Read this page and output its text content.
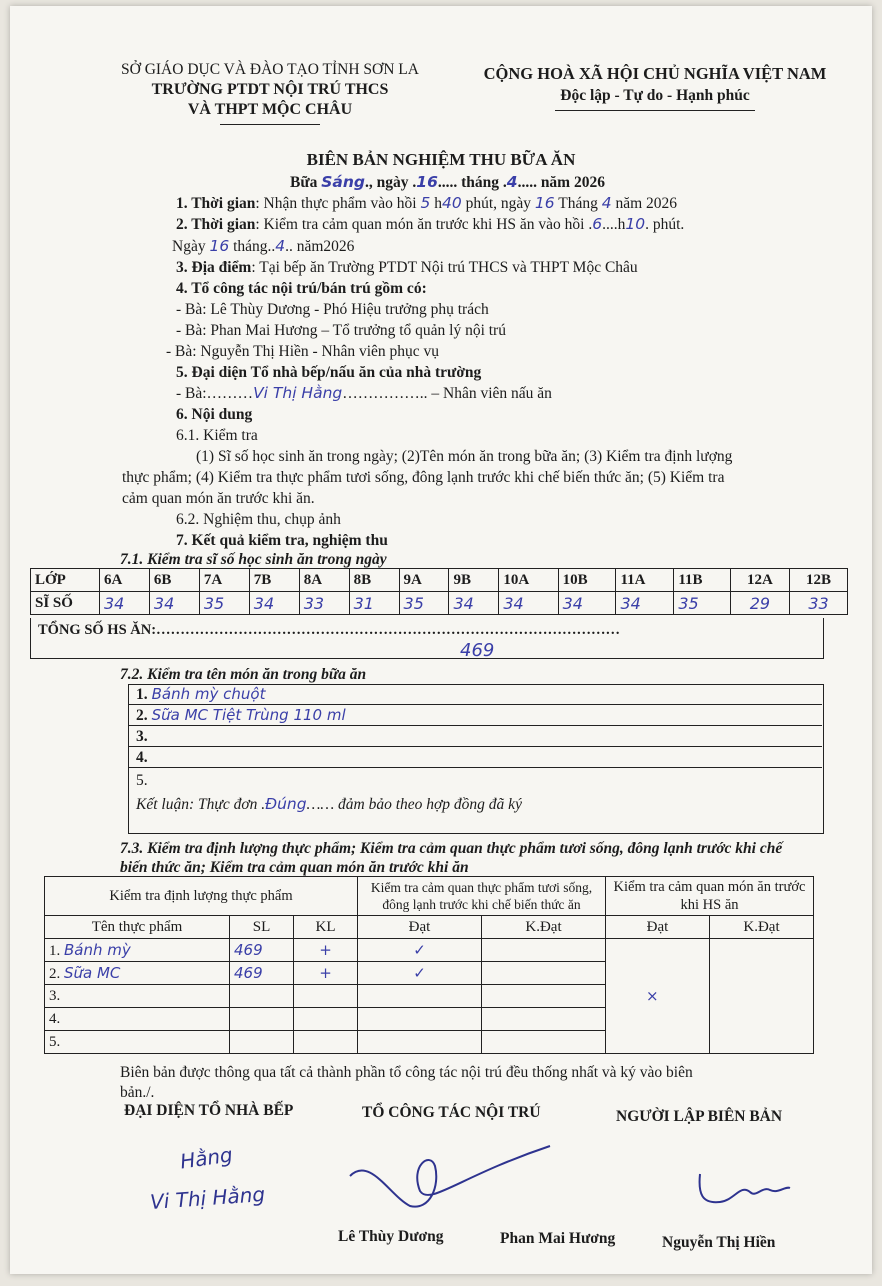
SỞ GIÁO DỤC VÀ ĐÀO TẠO TỈNH SƠN LA
TRƯỜNG PTDT NỘI TRÚ THCS
VÀ THPT MỘC CHÂU
CỘNG HOÀ XÃ HỘI CHỦ NGHĨA VIỆT NAM
Độc lập - Tự do - Hạnh phúc
BIÊN BẢN NGHIỆM THU BỮA ĂN
Bữa Sáng., ngày .16..... tháng .4..... năm 2026
1. Thời gian: Nhận thực phẩm vào hồi 5 h40 phút, ngày 16 Tháng 4 năm 2026
2. Thời gian: Kiểm tra cảm quan món ăn trước khi HS ăn vào hồi .6....h10. phút.
Ngày 16 tháng..4.. năm2026
3. Địa điểm: Tại bếp ăn Trường PTDT Nội trú THCS và THPT Mộc Châu
4. Tổ công tác nội trú/bán trú gồm có:
- Bà: Lê Thùy Dương - Phó Hiệu trưởng phụ trách
- Bà: Phan Mai Hương – Tổ trưởng tổ quản lý nội trú
- Bà: Nguyễn Thị Hiền - Nhân viên phục vụ
5. Đại diện Tổ nhà bếp/nấu ăn của nhà trường
- Bà:………Vi Thị Hằng…………….. – Nhân viên nấu ăn
6. Nội dung
6.1. Kiểm tra
(1) Sĩ số học sinh ăn trong ngày; (2)Tên món ăn trong bữa ăn; (3) Kiểm tra định lượng
thực phẩm; (4) Kiểm tra thực phẩm tươi sống, đông lạnh trước khi chế biến thức ăn; (5) Kiểm tra
cảm quan món ăn trước khi ăn.
6.2. Nghiệm thu, chụp ảnh
7. Kết quả kiểm tra, nghiệm thu
7.1. Kiểm tra sĩ số học sinh ăn trong ngày
LỚP	6A	6B	7A	7B	8A	8B	9A	9B	10A	10B	11A	11B	12A	12B
SĨ SỐ	34	34	35	34	33	31	35	34	34	34	34	35	29	33
TỔNG SỐ HS ĂN:……………………………………………………………………………………
469
7.2. Kiểm tra tên món ăn trong bữa ăn
1. Bánh mỳ chuột
2. Sữa MC Tiệt Trùng 110 ml
3.
4.
5.
Kết luận: Thực đơn .Đúng…… đảm bảo theo hợp đồng đã ký
7.3. Kiểm tra định lượng thực phẩm; Kiểm tra cảm quan thực phẩm tươi sống, đông lạnh trước khi chế
biến thức ăn; Kiểm tra cảm quan món ăn trước khi ăn
Kiểm tra định lượng thực phẩm			Kiểm tra cảm quan thực phẩm tươi sống, đông lạnh trước khi chế biến thức ăn		Kiểm tra cảm quan món ăn trước khi HS ăn	
Tên thực phẩm	SL	KL	Đạt	K.Đạt	Đạt	K.Đạt
1. Bánh mỳ	469	+	✓		×	
2. Sữa MC	469	+	✓			
3.						
4.						
5.						
Biên bản được thông qua tất cả thành phần tổ công tác nội trú đều thống nhất và ký vào biên
bản./.
ĐẠI DIỆN TỔ NHÀ BẾP	TỔ CÔNG TÁC NỘI TRÚ	NGƯỜI LẬP BIÊN BẢN
Hằng
Vi Thị Hằng
Lê Thùy Dương	Phan Mai Hương	Nguyễn Thị Hiền
